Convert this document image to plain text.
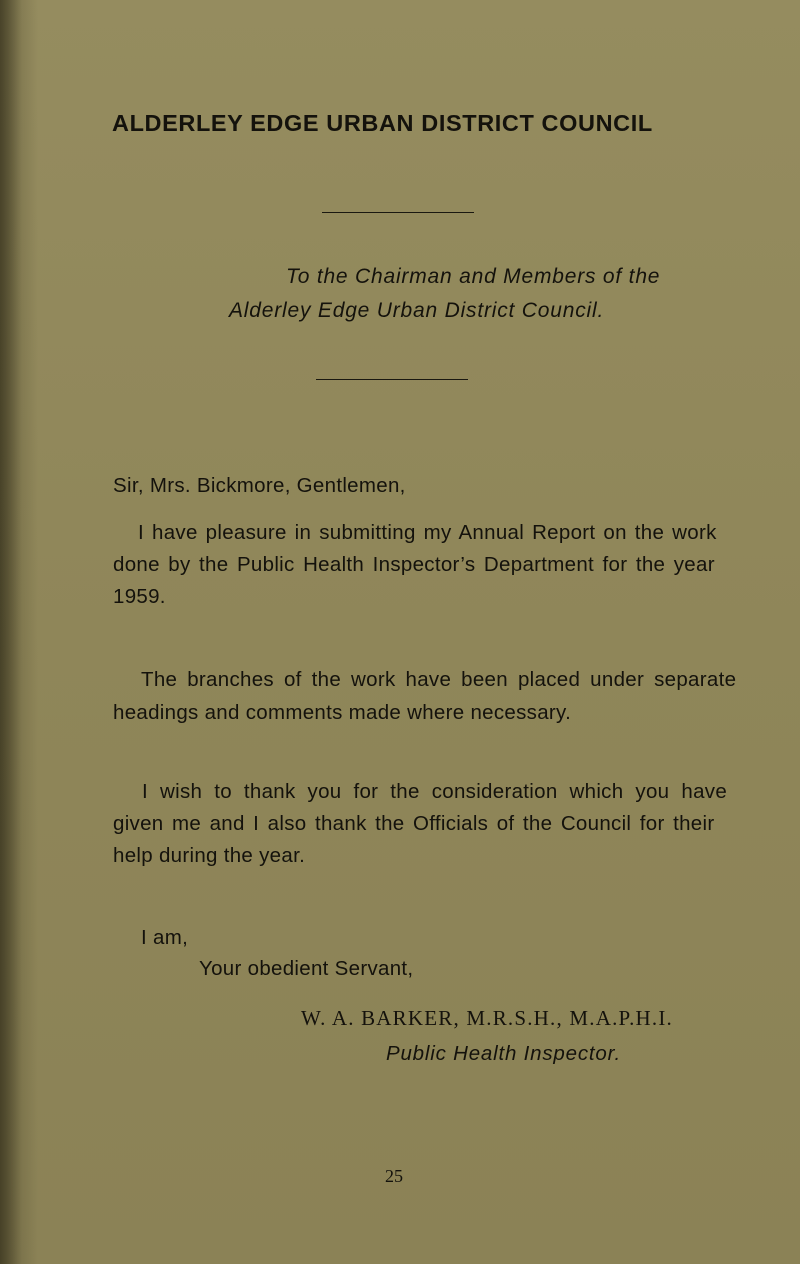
ALDERLEY EDGE URBAN DISTRICT COUNCIL
To the Chairman and Members of the
Alderley Edge Urban District Council.
Sir, Mrs. Bickmore, Gentlemen,
I have pleasure in submitting my Annual Report on the work
done by the Public Health Inspector’s Department for the year
1959.
The branches of the work have been placed under separate
headings and comments made where necessary.
I wish to thank you for the consideration which you have
given me and I also thank the Officials of the Council for their
help during the year.
I am,
Your obedient Servant,
W. A. BARKER, M.R.S.H., M.A.P.H.I.
Public Health Inspector.
25
